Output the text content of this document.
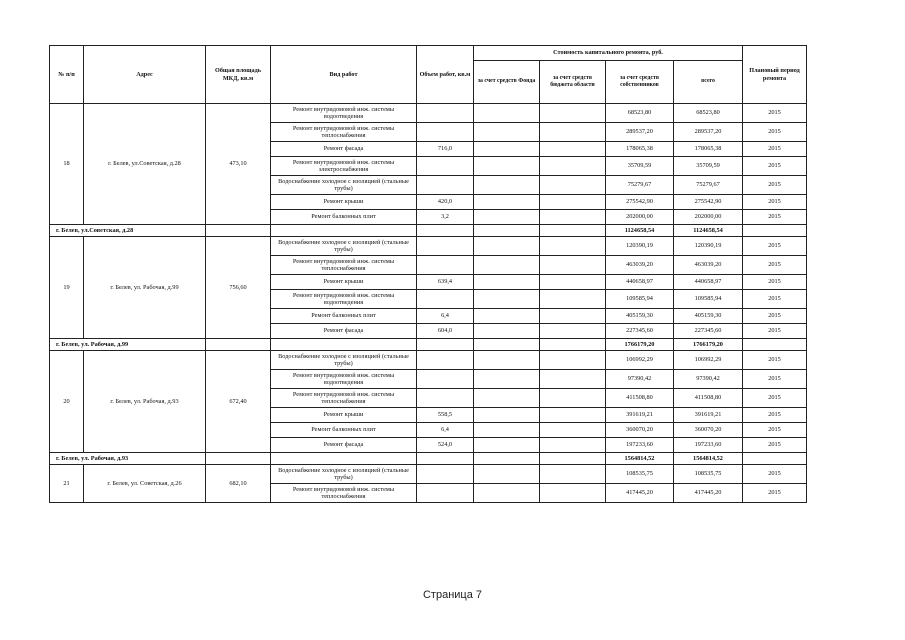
№ п/п	Адрес	Общая площадь МКД, кв.м	Вид работ	Объем работ, кв.м	Стоимость капитального ремонта, руб.				Плановый период ремонта
					за счет средств Фонда	за счет средств бюджета области	за счет средств собственников	всего	
18	г. Белев, ул.Советская, д.28	473,10	Ремонт внутридомовой инж. системы водоотведения				68523,80	68523,80	2015
			Ремонт внутридомовой инж. системы теплоснабжения				289537,20	289537,20	2015
			Ремонт фасада	716,0			178065,38	178065,38	2015
			Ремонт внутридомовой инж. системы электроснабжения				35709,59	35709,59	2015
			Водоснабжение холодное с изоляцией (стальные трубы)				75279,67	75279,67	2015
			Ремонт крыши	420,0			275542,90	275542,90	2015
			Ремонт балконных плит	3,2			202000,00	202000,00	2015
г. Белев, ул.Советская, д.28							1124658,54	1124658,54	
19	г. Белев, ул. Рабочая, д.99	756,60	Водоснабжение холодное с изоляцией (стальные трубы)				120390,19	120390,19	2015
			Ремонт внутридомовой инж. системы теплоснабжения				463039,20	463039,20	2015
			Ремонт крыши	639,4			440658,97	440658,97	2015
			Ремонт внутридомовой инж. системы водоотведения				109585,94	109585,94	2015
			Ремонт балконных плит	6,4			405159,30	405159,30	2015
			Ремонт фасада	604,0			227345,60	227345,60	2015
г. Белев, ул. Рабочая, д.99							1766179,20	1766179,20	
20	г. Белев, ул. Рабочая, д.93	672,40	Водоснабжение холодное с изоляцией (стальные трубы)				106992,29	106992,29	2015
			Ремонт внутридомовой инж. системы водоотведения				97390,42	97390,42	2015
			Ремонт внутридомовой инж. системы теплоснабжения				411508,80	411508,80	2015
			Ремонт крыши	558,5			391619,21	391619,21	2015
			Ремонт балконных плит	6,4			360070,20	360070,20	2015
			Ремонт фасада	524,0			197233,60	197233,60	2015
г. Белев, ул. Рабочая, д.93							1564814,52	1564814,52	
21	г. Белев, ул. Советская, д.26	682,10	Водоснабжение холодное с изоляцией (стальные трубы)				108535,75	108535,75	2015
			Ремонт внутридомовой инж. системы теплоснабжения				417445,20	417445,20	2015
Страница 7
